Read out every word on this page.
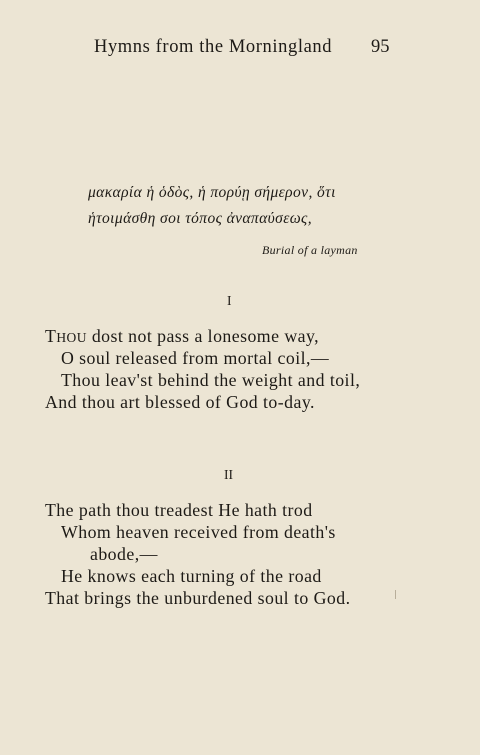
Hymns from the Morningland 95
μακαρία ἡ ὁδὸς, ἡ πορύῃ σήμερον, ὅτι
ἡτοιμάσθη σοι τόπος ἀναπαύσεως,
Burial of a layman
I
THOU dost not pass a lonesome way,
O soul released from mortal coil,—
Thou leav'st behind the weight and toil,
And thou art blessed of God to-day.
II
The path thou treadest He hath trod
Whom heaven received from death's
abode,—
He knows each turning of the road
That brings the unburdened soul to God.
